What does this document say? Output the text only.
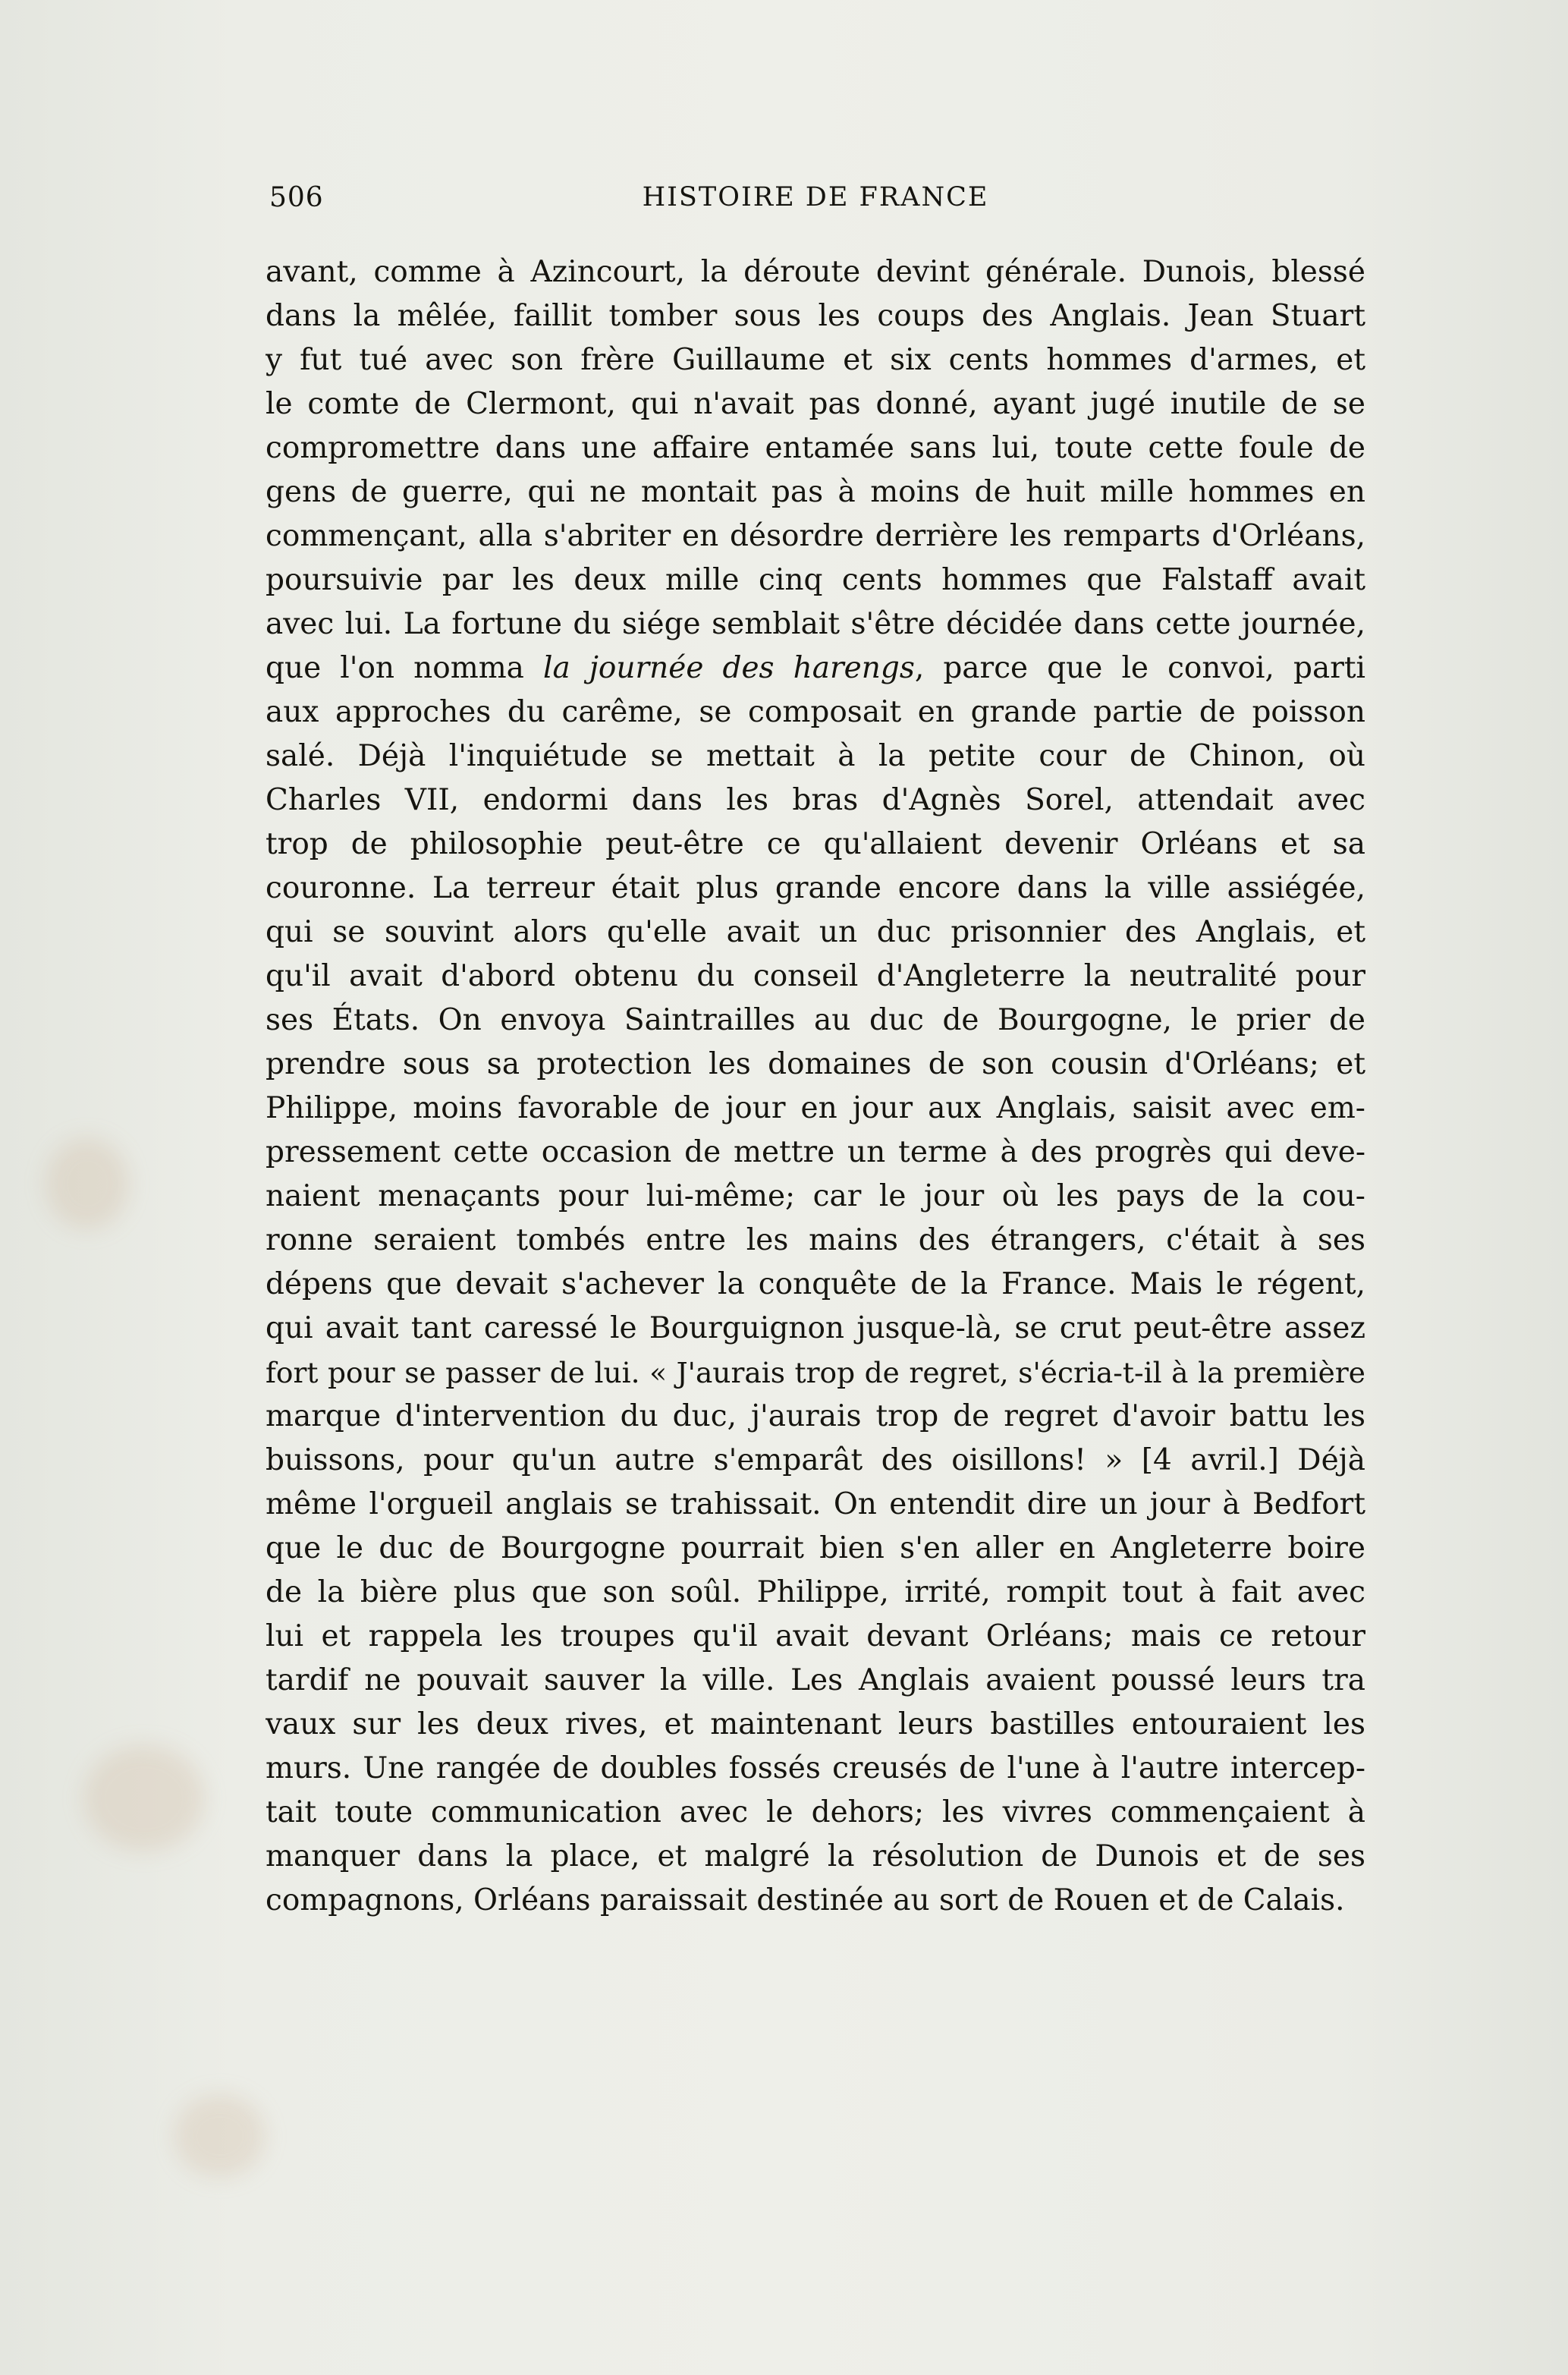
506	HISTOIRE DE FRANCE
avant, comme à Azincourt, la déroute devint générale. Dunois, blessé
dans la mêlée, faillit tomber sous les coups des Anglais. Jean Stuart
y fut tué avec son frère Guillaume et six cents hommes d'armes, et
le comte de Clermont, qui n'avait pas donné, ayant jugé inutile de se
compromettre dans une affaire entamée sans lui, toute cette foule de
gens de guerre, qui ne montait pas à moins de huit mille hommes en
commençant, alla s'abriter en désordre derrière les remparts d'Orléans,
poursuivie par les deux mille cinq cents hommes que Falstaff avait
avec lui. La fortune du siége semblait s'être décidée dans cette journée,
que l'on nomma la journée des harengs, parce que le convoi, parti
aux approches du carême, se composait en grande partie de poisson
salé. Déjà l'inquiétude se mettait à la petite cour de Chinon, où
Charles VII, endormi dans les bras d'Agnès Sorel, attendait avec
trop de philosophie peut-être ce qu'allaient devenir Orléans et sa
couronne. La terreur était plus grande encore dans la ville assiégée,
qui se souvint alors qu'elle avait un duc prisonnier des Anglais, et
qu'il avait d'abord obtenu du conseil d'Angleterre la neutralité pour
ses États. On envoya Saintrailles au duc de Bourgogne, le prier de
prendre sous sa protection les domaines de son cousin d'Orléans; et
Philippe, moins favorable de jour en jour aux Anglais, saisit avec em-
pressement cette occasion de mettre un terme à des progrès qui deve-
naient menaçants pour lui-même; car le jour où les pays de la cou-
ronne seraient tombés entre les mains des étrangers, c'était à ses
dépens que devait s'achever la conquête de la France. Mais le régent,
qui avait tant caressé le Bourguignon jusque-là, se crut peut-être assez
fort pour se passer de lui. « J'aurais trop de regret, s'écria-t-il à la première
marque d'intervention du duc, j'aurais trop de regret d'avoir battu les
buissons, pour qu'un autre s'emparât des oisillons! » [4 avril.] Déjà
même l'orgueil anglais se trahissait. On entendit dire un jour à Bedfort
que le duc de Bourgogne pourrait bien s'en aller en Angleterre boire
de la bière plus que son soûl. Philippe, irrité, rompit tout à fait avec
lui et rappela les troupes qu'il avait devant Orléans; mais ce retour
tardif ne pouvait sauver la ville. Les Anglais avaient poussé leurs tra
vaux sur les deux rives, et maintenant leurs bastilles entouraient les
murs. Une rangée de doubles fossés creusés de l'une à l'autre intercep-
tait toute communication avec le dehors; les vivres commençaient à
manquer dans la place, et malgré la résolution de Dunois et de ses
compagnons, Orléans paraissait destinée au sort de Rouen et de Calais.
